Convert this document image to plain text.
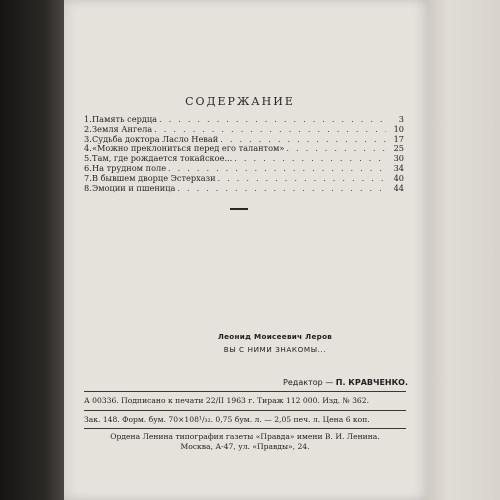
СОДЕРЖАНИЕ
1. Память сердца . . .	3
2. Земля Ангела . . .	10
3. Судьба доктора Ласло Невай . . .	17
4. «Можно преклониться перед его талантом» . . .	25
5. Там, где рождается токайское... . . .	30
6. На трудном поле . . .	34
7. В бывшем дворце Эстерхази . . .	40
8. Эмоции и пшеница . . .	44
Леонид Моисеевич Леров
ВЫ С НИМИ ЗНАКОМЫ...
Редактор — П. КРАВЧЕНКО.
А 00336. Подписано к печати 22/II 1963 г. Тираж 112 000. Изд. № 362.
Зак. 148. Форм. бум. 70×108¹/₃₂. 0,75 бум. л. — 2,05 печ. л. Цена 6 коп.
Ордена Ленина типография газеты «Правда» имени В. И. Ленина.
Москва, А-47, ул. «Правды», 24.
